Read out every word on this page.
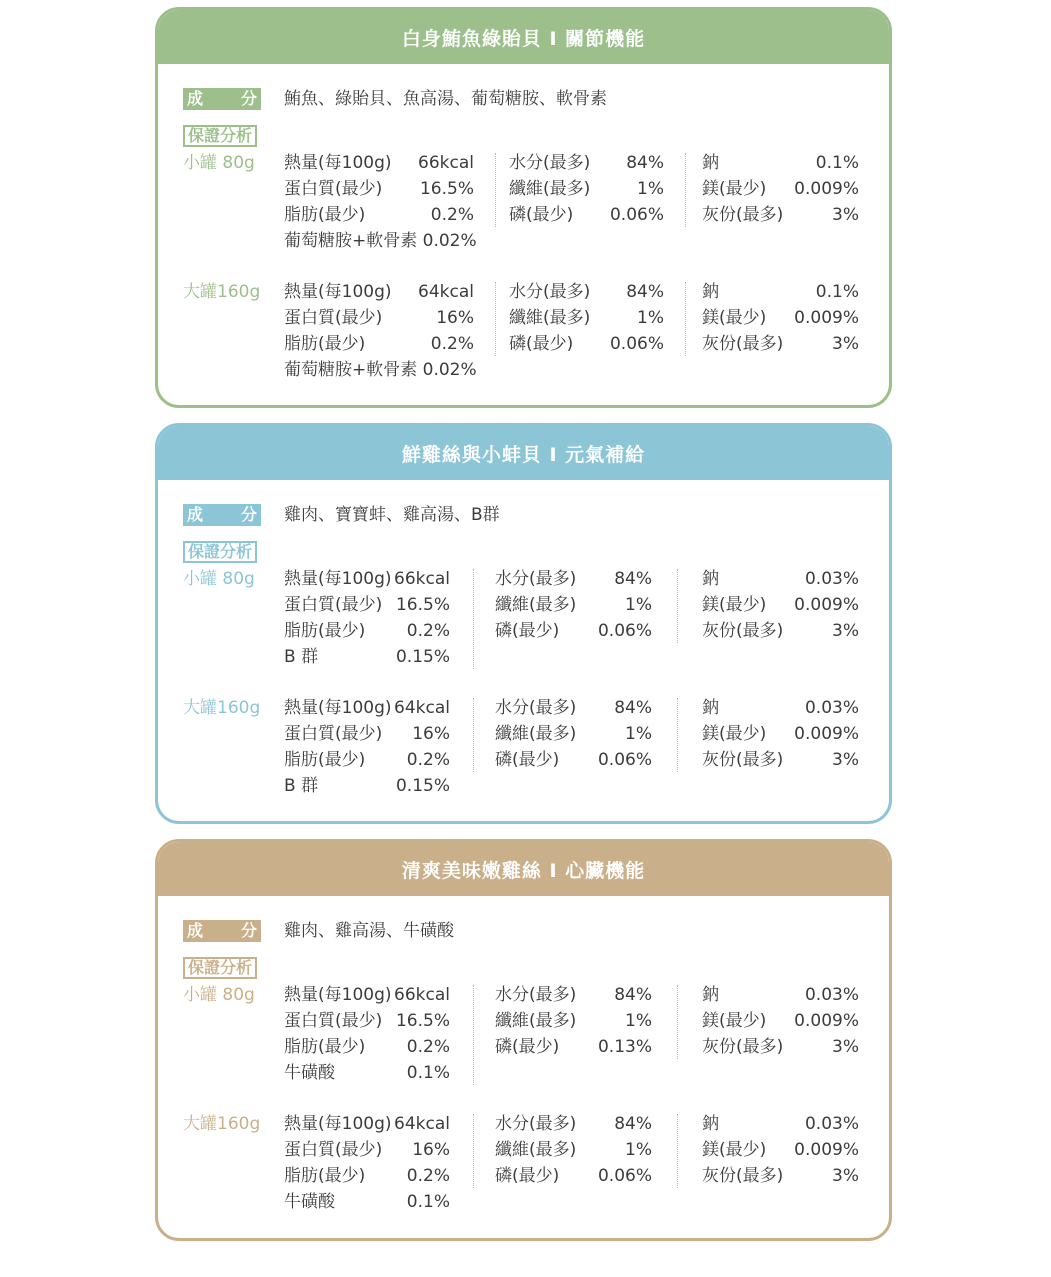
白身鮪魚綠貽貝 I 關節機能
成 分 鮪魚、綠貽貝、魚高湯、葡萄糖胺、軟骨素
保證分析
小罐 80g 熱量(每100g)	66kcal 水分(最多)	84% 鈉	0.1%
蛋白質(最少)	16.5% 纖維(最多)	1% 鎂(最少)	0.009%
脂肪(最少)	0.2% 磷(最少)	0.06% 灰份(最多)	3%
葡萄糖胺+軟骨素 0.02%
大罐160g 熱量(每100g)	64kcal 水分(最多)	84% 鈉	0.1%
蛋白質(最少)	16% 纖維(最多)	1% 鎂(最少)	0.009%
脂肪(最少)	0.2% 磷(最少)	0.06% 灰份(最多)	3%
葡萄糖胺+軟骨素 0.02%
鮮雞絲與小蚌貝 I 元氣補給
成 分 雞肉、寶寶蚌、雞高湯、B群
保證分析
小罐 80g 熱量(每100g) 66kcal	水分(最多)	84%	鈉	0.03%
蛋白質(最少) 16.5%	纖維(最多)	1%	鎂(最少)	0.009%
脂肪(最少)	0.2%	磷(最少)	0.06%	灰份(最多)	3%
B 群	0.15%
大罐160g 熱量(每100g) 64kcal	水分(最多)	84%	鈉	0.03%
蛋白質(最少)	16%	纖維(最多)	1%	鎂(最少)	0.009%
脂肪(最少)	0.2%	磷(最少)	0.06%	灰份(最多)	3%
B 群	0.15%
清爽美味嫩雞絲 I 心臟機能
成 分 雞肉、雞高湯、牛磺酸
保證分析
小罐 80g 熱量(每100g) 66kcal	水分(最多)	84%	鈉	0.03%
蛋白質(最少) 16.5%	纖維(最多)	1%	鎂(最少)	0.009%
脂肪(最少)	0.2%	磷(最少)	0.13%	灰份(最多)	3%
牛磺酸	0.1%
大罐160g 熱量(每100g) 64kcal	水分(最多)	84%	鈉	0.03%
蛋白質(最少)	16%	纖維(最多)	1%	鎂(最少)	0.009%
脂肪(最少)	0.2%	磷(最少)	0.06%	灰份(最多)	3%
牛磺酸	0.1%
